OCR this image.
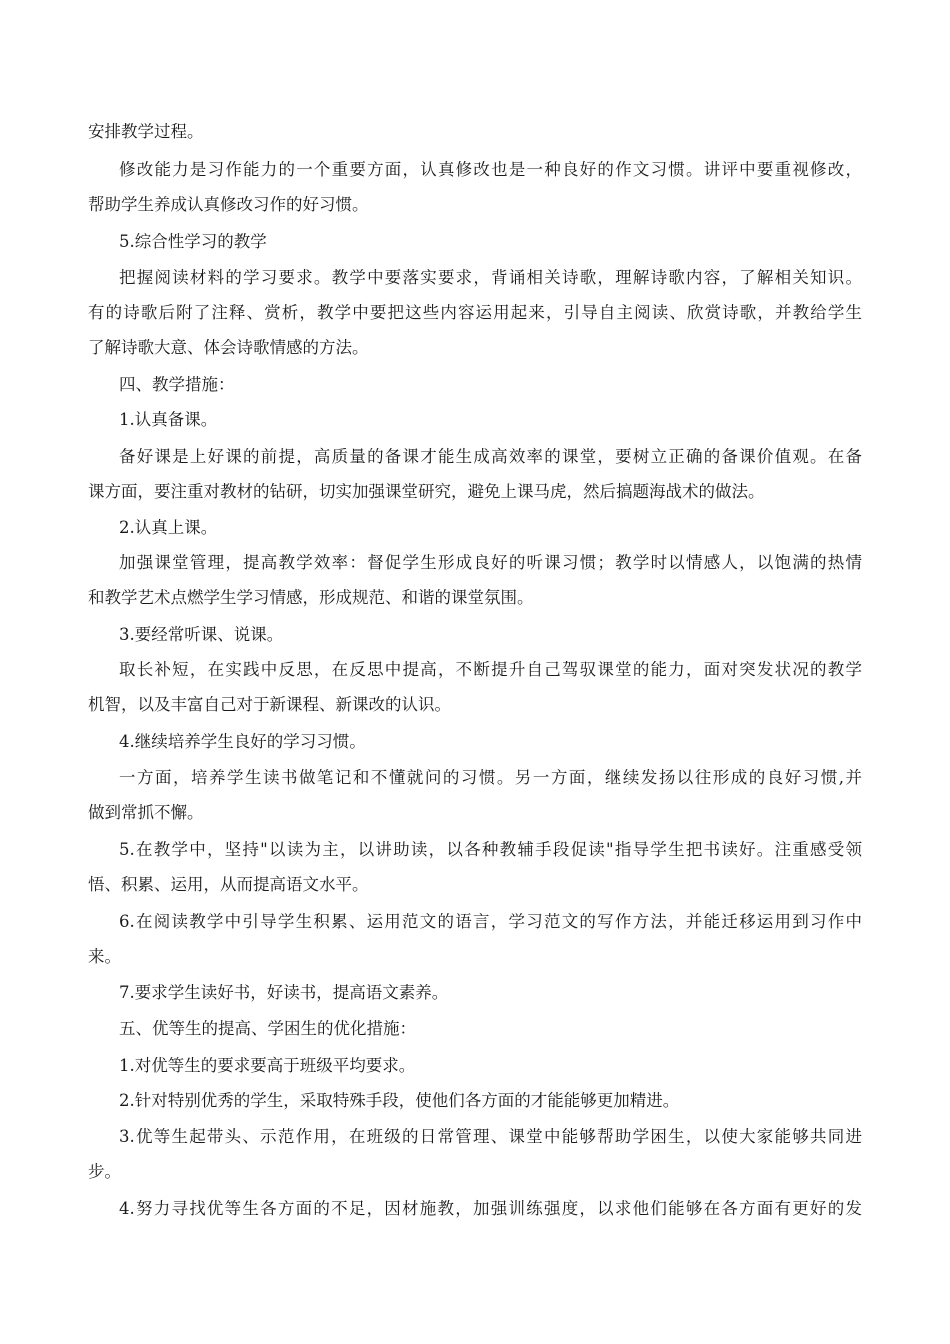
安排教学过程。
修改能力是习作能力的一个重要方面，认真修改也是一种良好的作文习惯。讲评中要重视修改，
帮助学生养成认真修改习作的好习惯。
5.综合性学习的教学
把握阅读材料的学习要求。教学中要落实要求，背诵相关诗歌，理解诗歌内容，了解相关知识。
有的诗歌后附了注释、赏析，教学中要把这些内容运用起来，引导自主阅读、欣赏诗歌，并教给学生
了解诗歌大意、体会诗歌情感的方法。
四、教学措施：
1.认真备课。
备好课是上好课的前提，高质量的备课才能生成高效率的课堂，要树立正确的备课价值观。在备
课方面，要注重对教材的钻研，切实加强课堂研究，避免上课马虎，然后搞题海战术的做法。
2.认真上课。
加强课堂管理，提高教学效率：督促学生形成良好的听课习惯；教学时以情感人，以饱满的热情
和教学艺术点燃学生学习情感，形成规范、和谐的课堂氛围。
3.要经常听课、说课。
取长补短，在实践中反思，在反思中提高，不断提升自己驾驭课堂的能力，面对突发状况的教学
机智，以及丰富自己对于新课程、新课改的认识。
4.继续培养学生良好的学习习惯。
一方面，培养学生读书做笔记和不懂就问的习惯。另一方面，继续发扬以往形成的良好习惯,并
做到常抓不懈。
5.在教学中，坚持"以读为主，以讲助读，以各种教辅手段促读"指导学生把书读好。注重感受领
悟、积累、运用，从而提高语文水平。
6.在阅读教学中引导学生积累、运用范文的语言，学习范文的写作方法，并能迁移运用到习作中
来。
7.要求学生读好书，好读书，提高语文素养。
五、优等生的提高、学困生的优化措施：
1.对优等生的要求要高于班级平均要求。
2.针对特别优秀的学生，采取特殊手段，使他们各方面的才能能够更加精进。
3.优等生起带头、示范作用，在班级的日常管理、课堂中能够帮助学困生，以使大家能够共同进
步。
4.努力寻找优等生各方面的不足，因材施教，加强训练强度，以求他们能够在各方面有更好的发
